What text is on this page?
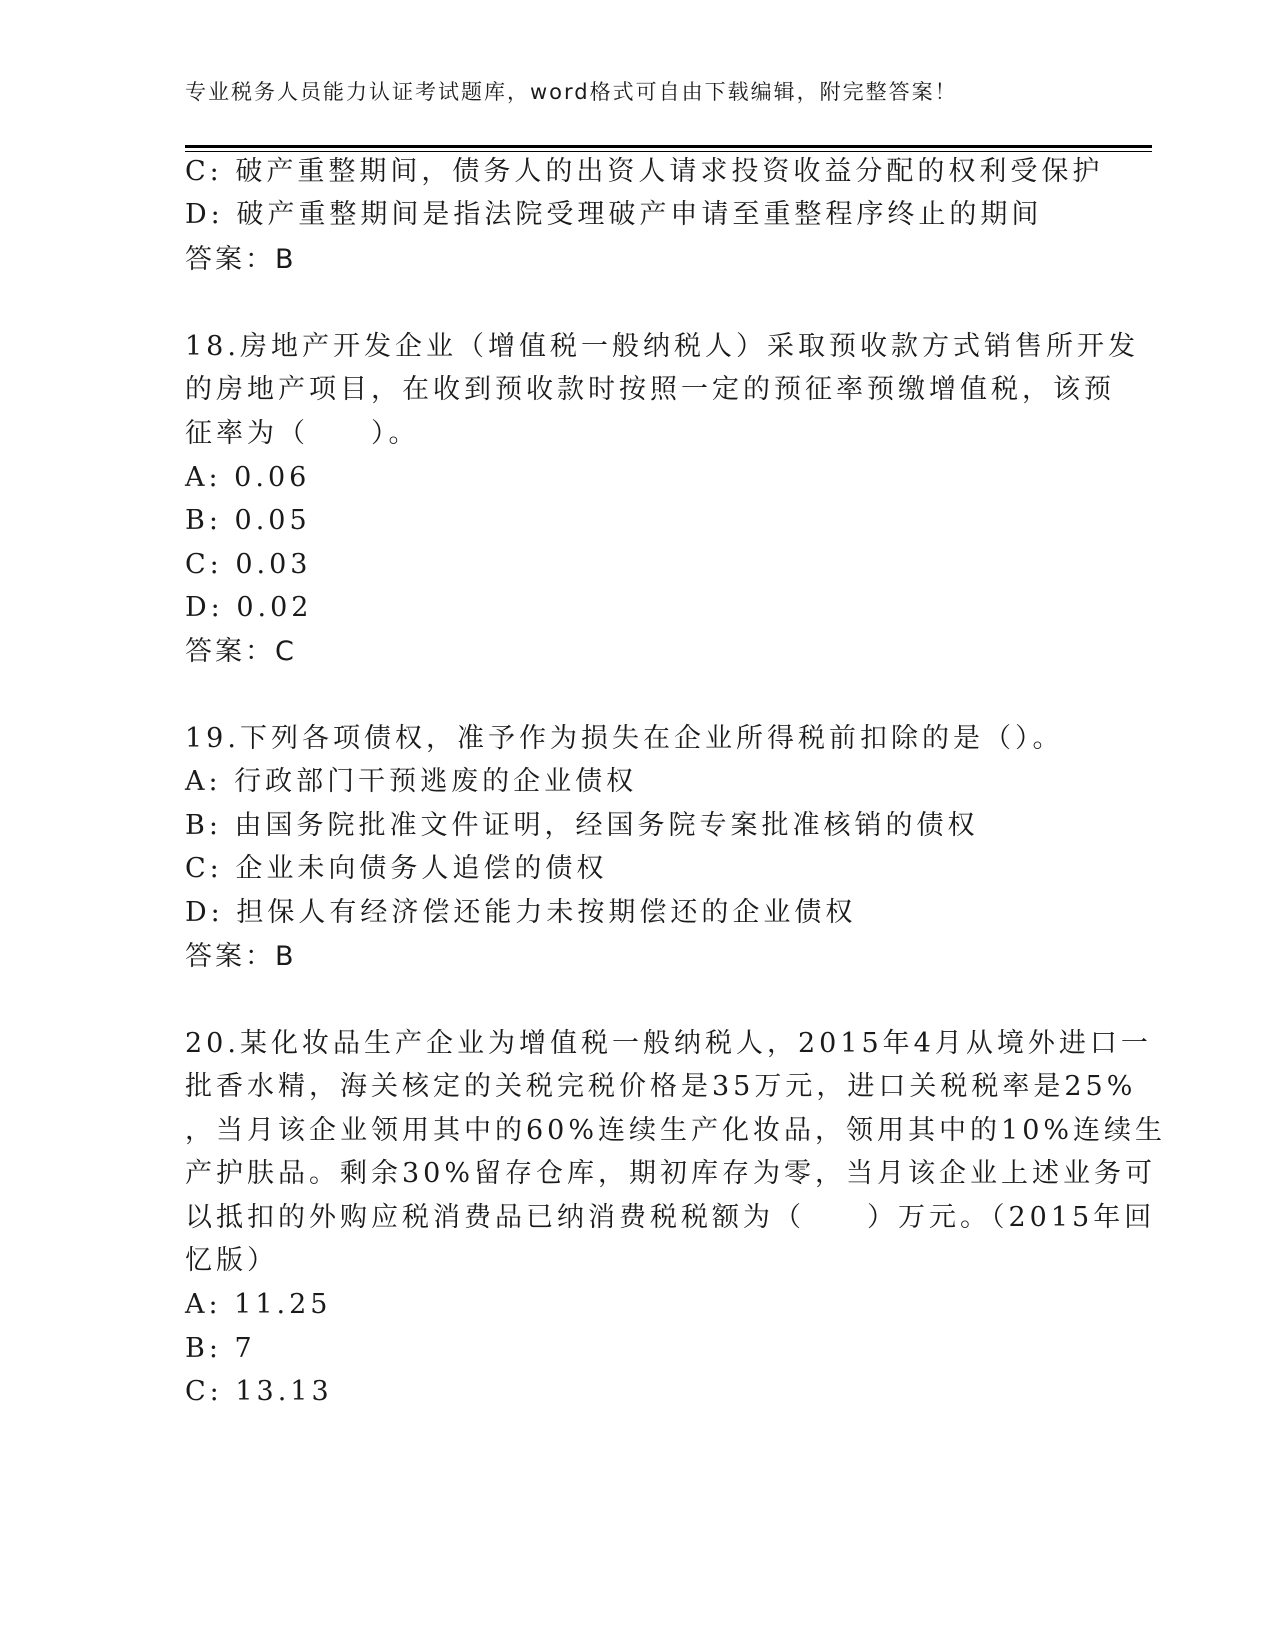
专业税务人员能力认证考试题库，word格式可自由下载编辑，附完整答案！
C: 破产重整期间，债务人的出资人请求投资收益分配的权利受保护
D: 破产重整期间是指法院受理破产申请至重整程序终止的期间
答案：B
18.房地产开发企业（增值税一般纳税人）采取预收款方式销售所开发
的房地产项目，在收到预收款时按照一定的预征率预缴增值税，该预
征率为（　　）。
A: 0.06
B: 0.05
C: 0.03
D: 0.02
答案：C
19.下列各项债权，准予作为损失在企业所得税前扣除的是（）。
A: 行政部门干预逃废的企业债权
B: 由国务院批准文件证明，经国务院专案批准核销的债权
C: 企业未向债务人追偿的债权
D: 担保人有经济偿还能力未按期偿还的企业债权
答案：B
20.某化妆品生产企业为增值税一般纳税人，2015年4月从境外进口一
批香水精，海关核定的关税完税价格是35万元，进口关税税率是25%
，当月该企业领用其中的60%连续生产化妆品，领用其中的10%连续生
产护肤品。剩余30%留存仓库，期初库存为零，当月该企业上述业务可
以抵扣的外购应税消费品已纳消费税税额为（　　）万元。（2015年回
忆版）
A: 11.25
B: 7
C: 13.13
